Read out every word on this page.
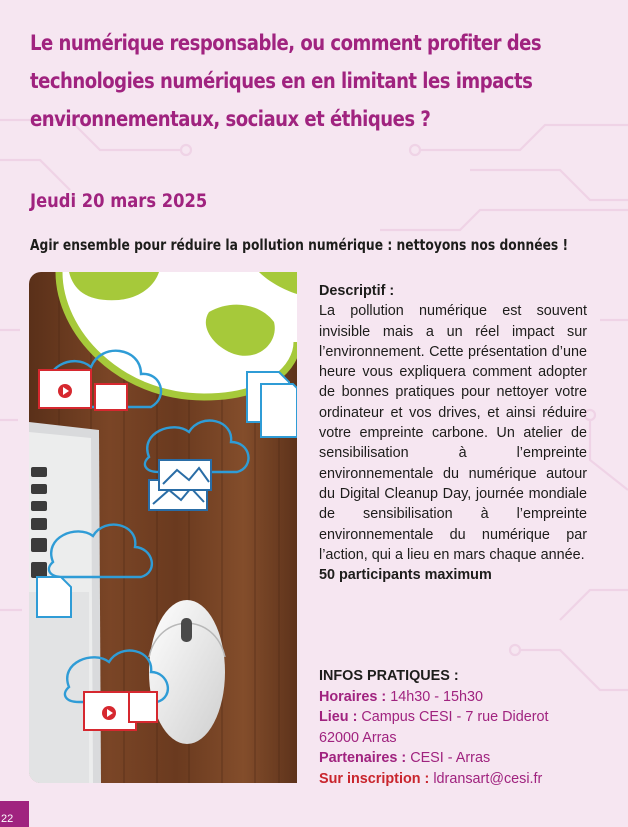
Le numérique responsable, ou comment profiter des
technologies numériques en en limitant les impacts
environnementaux, sociaux et éthiques ?
Jeudi 20 mars 2025
Agir ensemble pour réduire la pollution numérique : nettoyons nos données !
Descriptif :
La pollution numérique est souvent invisible mais a un réel impact sur l’environnement. Cette présentation d’une heure vous expliquera comment adopter de bonnes pratiques pour nettoyer votre ordinateur et vos drives, et ainsi réduire votre empreinte carbone. Un atelier de sensibilisation à l’empreinte environnementale du numérique autour du Digital Cleanup Day, journée mondiale de sensibilisation à l’empreinte environnementale du numérique par l’action, qui a lieu en mars chaque année.
50 participants maximum
INFOS PRATIQUES :
Horaires : 14h30 - 15h30
Lieu : Campus CESI - 7 rue Diderot
62000 Arras
Partenaires : CESI - Arras
Sur inscription : ldransart@cesi.fr
22
